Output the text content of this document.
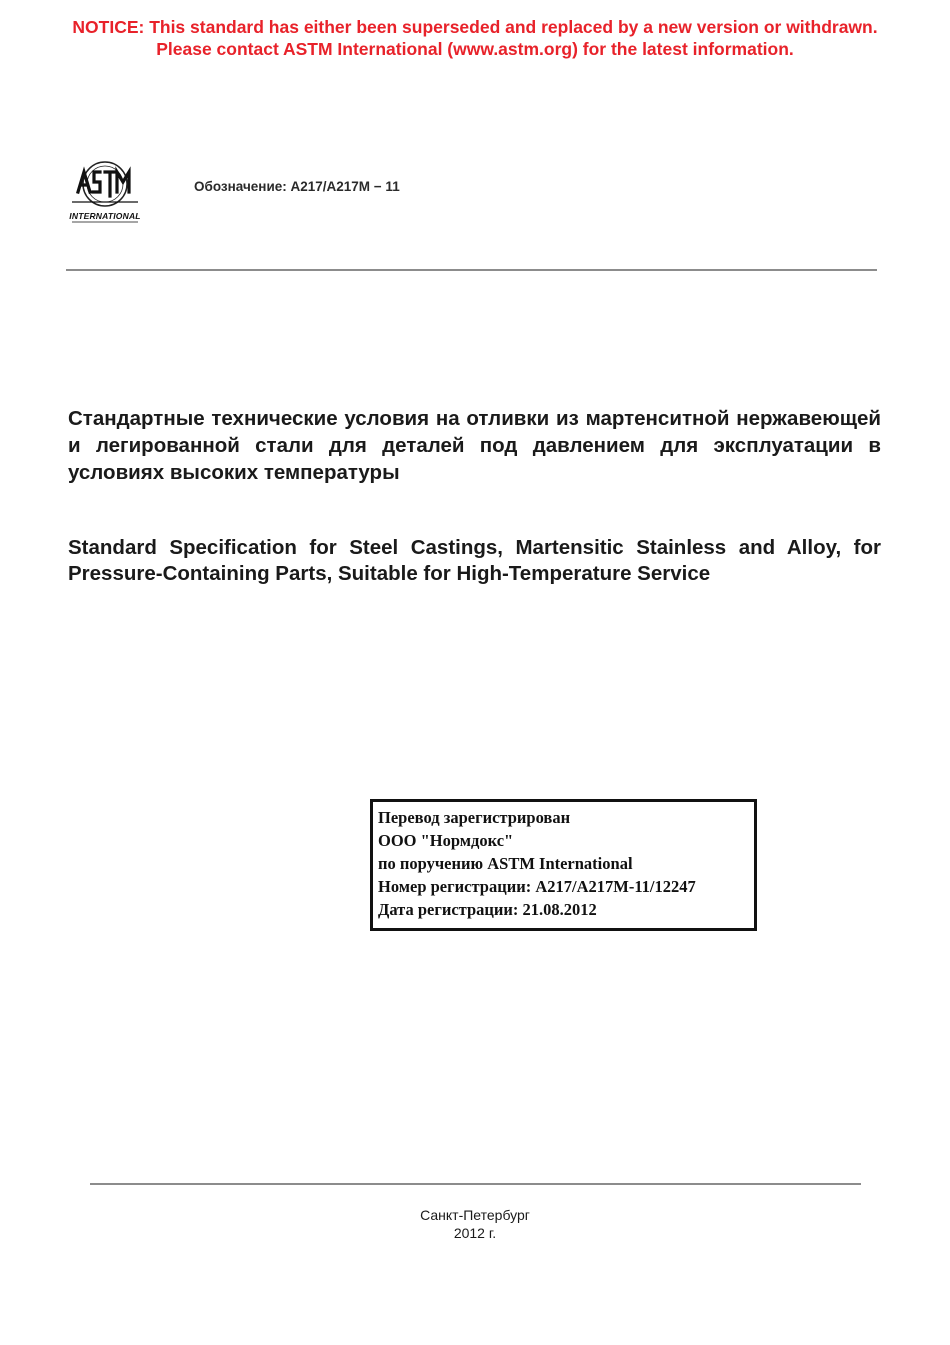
NOTICE: This standard has either been superseded and replaced by a new version or withdrawn.
Please contact ASTM International (www.astm.org) for the latest information.
INTERNATIONAL
Обозначение: A217/A217M − 11
Стандартные технические условия на отливки из мартенситной нержавеющей и легированной стали для деталей под давлением для эксплуатации в условиях высоких температуры
Standard Specification for Steel Castings, Martensitic Stainless and Alloy, for Pressure-Containing Parts, Suitable for High-Temperature Service
Перевод зарегистрирован
ООО "Нормдокс"
по поручению ASTM International
Номер регистрации: A217/A217M-11/12247
Дата регистрации: 21.08.2012
Санкт-Петербург
2012 г.
